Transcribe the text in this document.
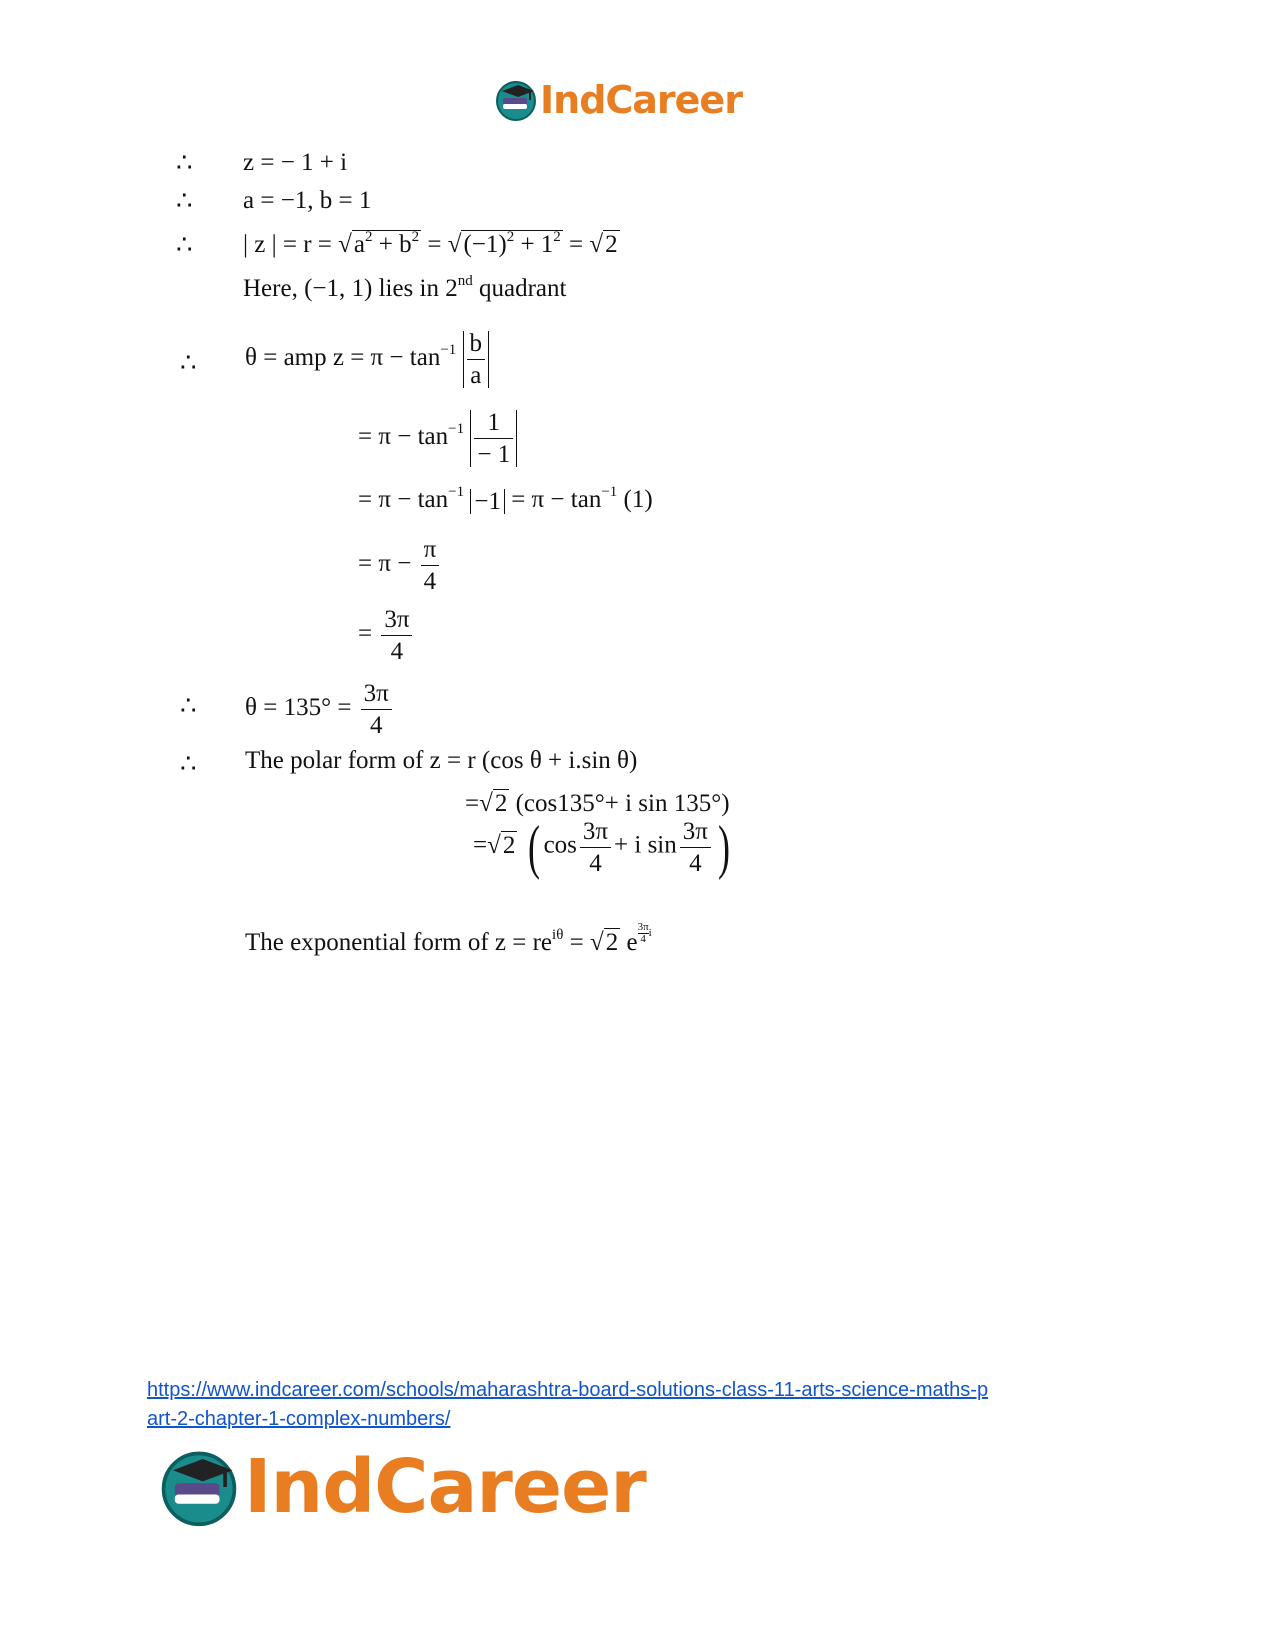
IndCareer
∴ z = − 1 + i
∴ a = −1, b = 1
∴ | z | = $r = √a^2 + b^2 = √(-1)^2 + 1^2 = √2$
Here, (−1, 1) lies in 2nd quadrant
∴ θ = amp $z = \pi - \tan^{-1} \frac{b}{a}$
= $\pi - \tan^{-1} \frac{1}{- 1}$
= $\pi - \tan^{-1} -1 = \pi - \tan^{-1} (1)$
= $\pi - \frac{\pi}{4}$
= $\frac{3\pi}{4}$
∴ $\theta = 135^\circ = \frac{3\pi}{4}$
∴ The polar form of z = r (cos θ + i.sin θ)
=√2 (cos135°+ i sin 135°)
=√2 ( $\cos \frac{3\pi}{4} + i$ $\sin \frac{3\pi}{4}$ )
The exponential form of $z = re^{i\theta} = √2$ e $\frac{3\pi}{4}$ i
https://www.indcareer.com/schools/maharashtra-board-solutions-class-11-arts-science-maths-p
art-2-chapter-1-complex-numbers/
IndCareer
